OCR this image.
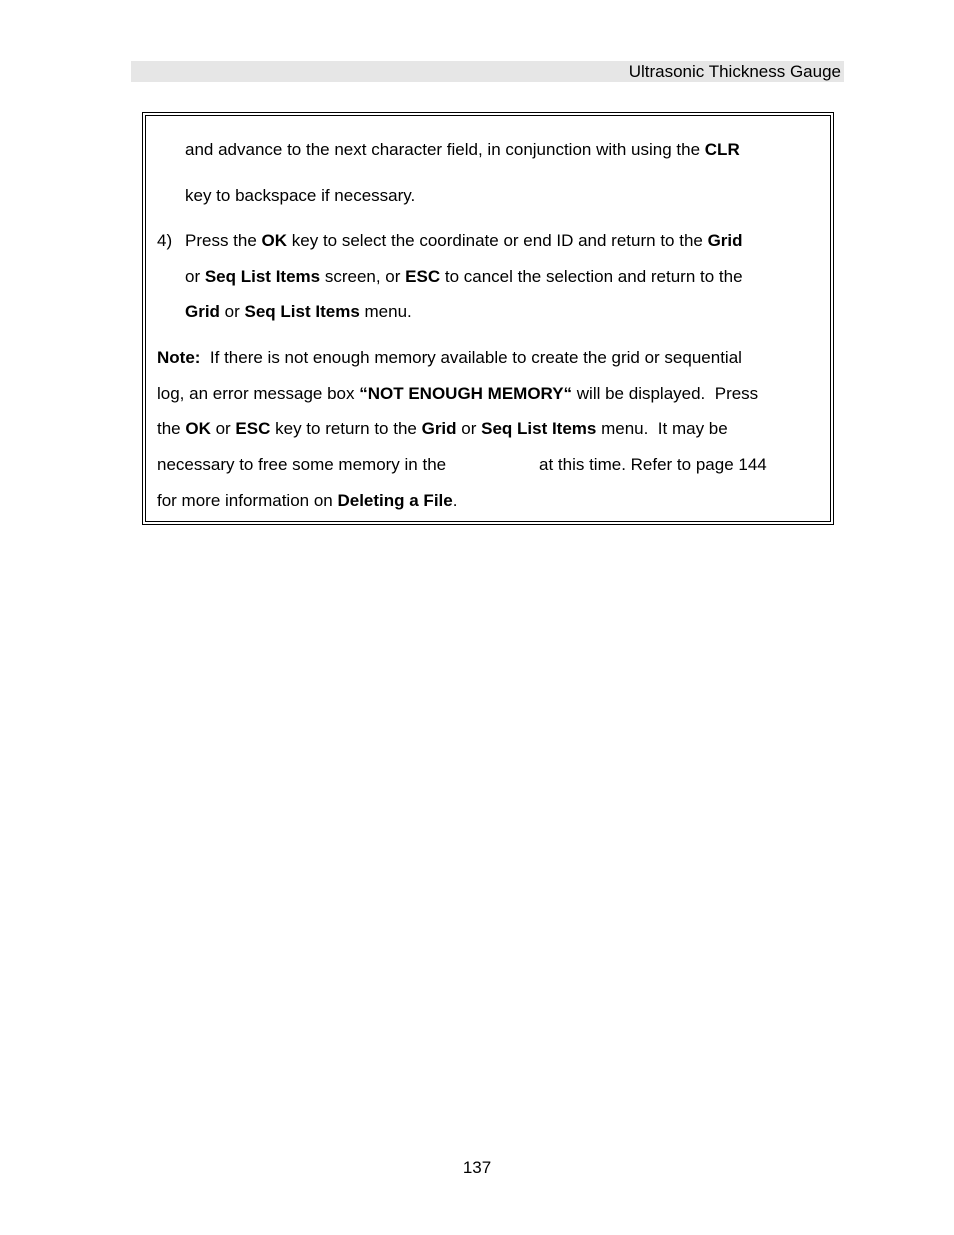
Ultrasonic Thickness Gauge
and advance to the next character field, in conjunction with using the CLR
key to backspace if necessary.
4) Press the OK key to select the coordinate or end ID and return to the Grid
or Seq List Items screen, or ESC to cancel the selection and return to the
Grid or Seq List Items menu.
Note:  If there is not enough memory available to create the grid or sequential
log, an error message box “NOT ENOUGH MEMORY“ will be displayed.  Press
the OK or ESC key to return to the Grid or Seq List Items menu.  It may be
necessary to free some memory in the	at this time. Refer to page 144
for more information on Deleting a File.
137
